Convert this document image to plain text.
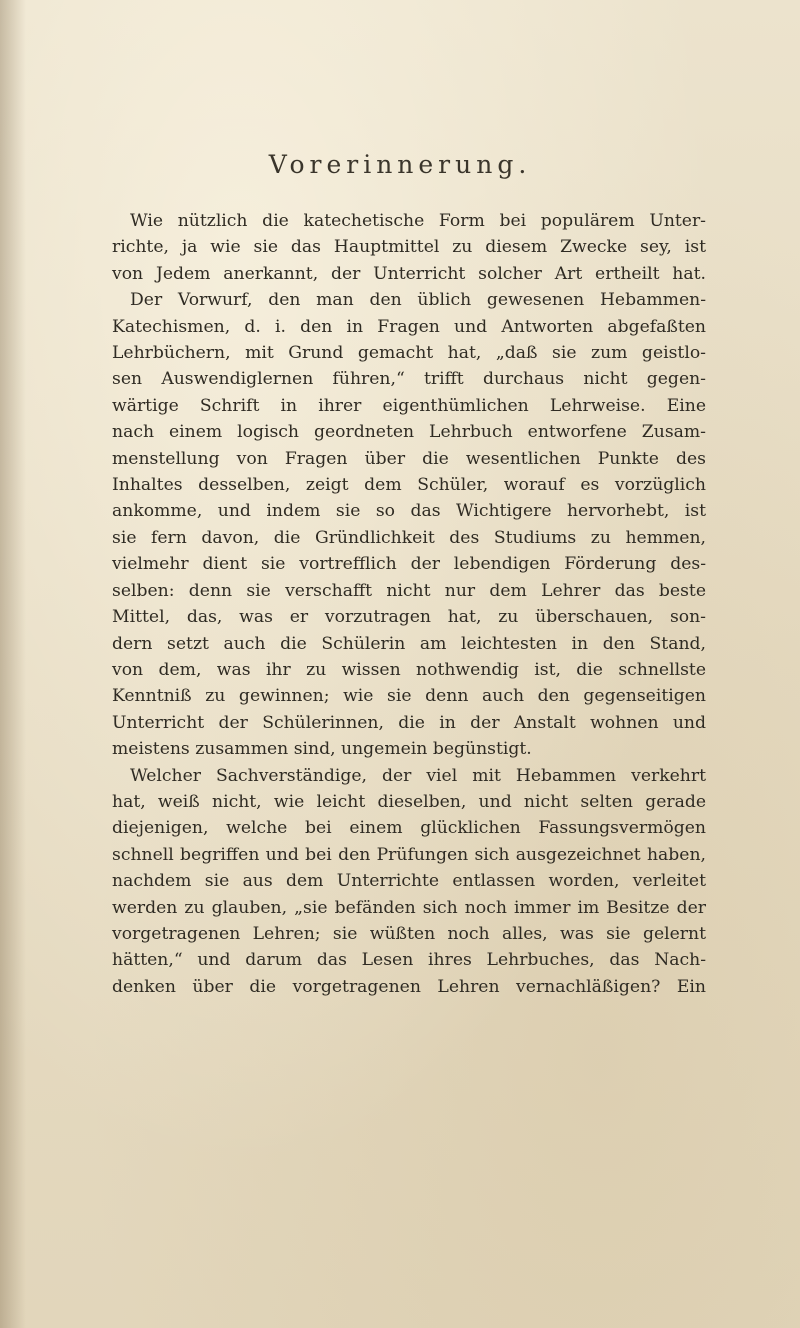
Vorerinnerung.
Wie nützlich die katechetische Form bei populärem Unter-
richte, ja wie sie das Hauptmittel zu diesem Zwecke sey, ist
von Jedem anerkannt, der Unterricht solcher Art ertheilt hat.
Der Vorwurf, den man den üblich gewesenen Hebammen-
Katechismen, d. i. den in Fragen und Antworten abgefaßten
Lehrbüchern, mit Grund gemacht hat, „daß sie zum geistlo-
sen Auswendiglernen führen,“ trifft durchaus nicht gegen-
wärtige Schrift in ihrer eigenthümlichen Lehrweise. Eine
nach einem logisch geordneten Lehrbuch entworfene Zusam-
menstellung von Fragen über die wesentlichen Punkte des
Inhaltes desselben, zeigt dem Schüler, worauf es vorzüglich
ankomme, und indem sie so das Wichtigere hervorhebt, ist
sie fern davon, die Gründlichkeit des Studiums zu hemmen,
vielmehr dient sie vortrefflich der lebendigen Förderung des-
selben: denn sie verschafft nicht nur dem Lehrer das beste
Mittel, das, was er vorzutragen hat, zu überschauen, son-
dern setzt auch die Schülerin am leichtesten in den Stand,
von dem, was ihr zu wissen nothwendig ist, die schnellste
Kenntniß zu gewinnen; wie sie denn auch den gegenseitigen
Unterricht der Schülerinnen, die in der Anstalt wohnen und
meistens zusammen sind, ungemein begünstigt.
Welcher Sachverständige, der viel mit Hebammen verkehrt
hat, weiß nicht, wie leicht dieselben, und nicht selten gerade
diejenigen, welche bei einem glücklichen Fassungsvermögen
schnell begriffen und bei den Prüfungen sich ausgezeichnet haben,
nachdem sie aus dem Unterrichte entlassen worden, verleitet
werden zu glauben, „sie befänden sich noch immer im Besitze der
vorgetragenen Lehren; sie wüßten noch alles, was sie gelernt
hätten,“ und darum das Lesen ihres Lehrbuches, das Nach-
denken über die vorgetragenen Lehren vernachläßigen? Ein
